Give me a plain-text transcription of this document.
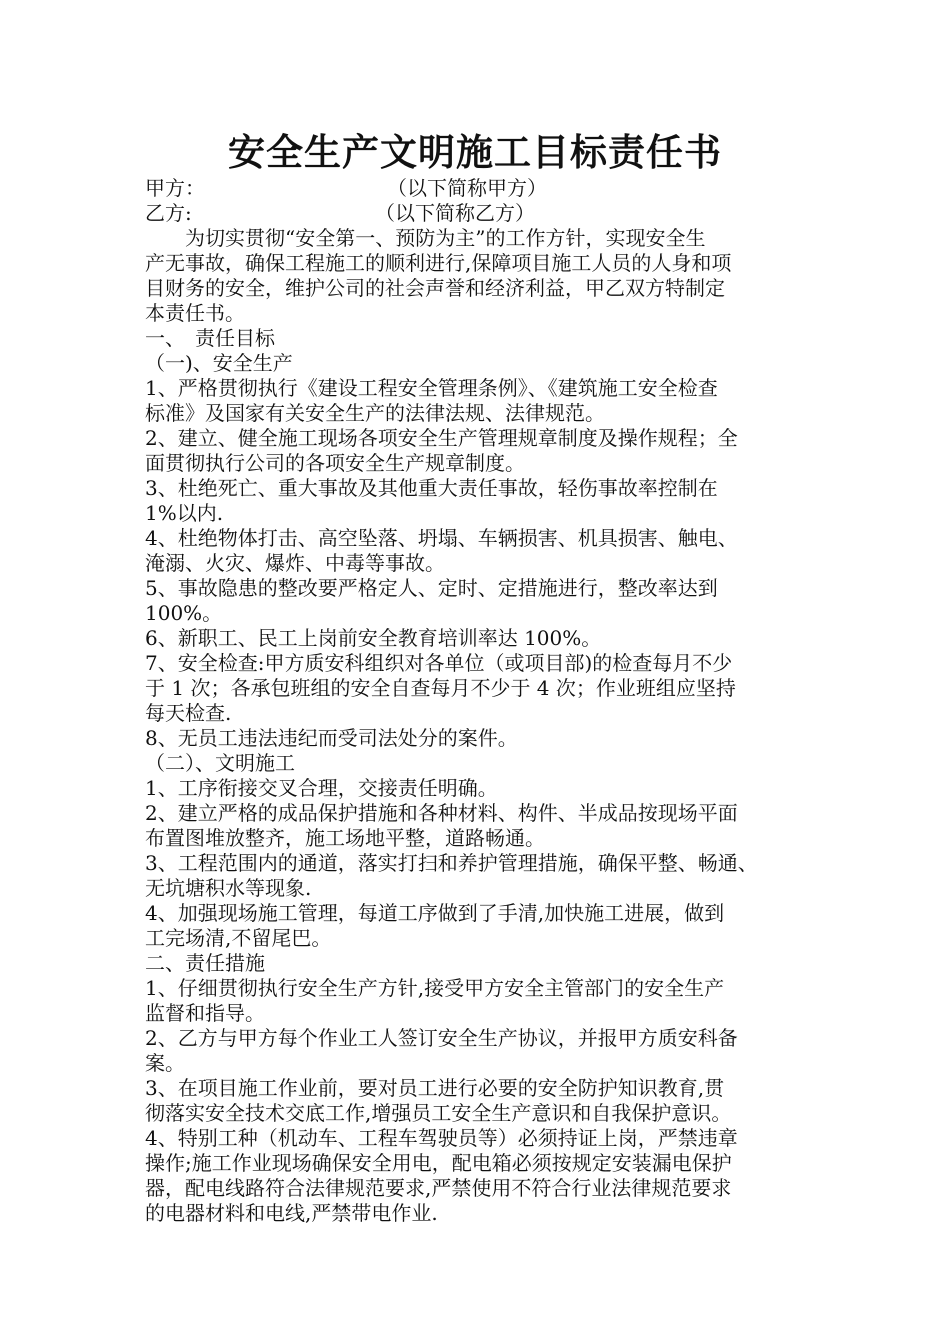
安全生产文明施工目标责任书
甲方：	（以下简称甲方）
乙方:	（以下简称乙方）
　　为切实贯彻“安全第一、预防为主”的工作方针，实现安全生
产无事故，确保工程施工的顺利进行,保障项目施工人员的人身和项
目财务的安全，维护公司的社会声誉和经济利益，甲乙双方特制定
本责任书。
一、　责任目标
（一)、安全生产
1、严格贯彻执行《建设工程安全管理条例》、《建筑施工安全检查
标准》及国家有关安全生产的法律法规、法律规范。
2、建立、健全施工现场各项安全生产管理规章制度及操作规程；全
面贯彻执行公司的各项安全生产规章制度。
3、杜绝死亡、重大事故及其他重大责任事故，轻伤事故率控制在
1%以内.
4、杜绝物体打击、高空坠落、坍塌、车辆损害、机具损害、触电、
淹溺、火灾、爆炸、中毒等事故。
5、事故隐患的整改要严格定人、定时、定措施进行，整改率达到
100%。
6、新职工、民工上岗前安全教育培训率达 100%。
7、安全检查:甲方质安科组织对各单位（或项目部)的检查每月不少
于 1 次；各承包班组的安全自查每月不少于 4 次；作业班组应坚持
每天检查.
8、无员工违法违纪而受司法处分的案件。
（二）、文明施工
1、工序衔接交叉合理，交接责任明确。
2、建立严格的成品保护措施和各种材料、构件、半成品按现场平面
布置图堆放整齐，施工场地平整，道路畅通。
3、工程范围内的通道，落实打扫和养护管理措施，确保平整、畅通、
无坑塘积水等现象.
4、加强现场施工管理，每道工序做到了手清,加快施工进展，做到
工完场清,不留尾巴。
二、责任措施
1、仔细贯彻执行安全生产方针,接受甲方安全主管部门的安全生产
监督和指导。
2、乙方与甲方每个作业工人签订安全生产协议，并报甲方质安科备
案。
3、在项目施工作业前，要对员工进行必要的安全防护知识教育,贯
彻落实安全技术交底工作,增强员工安全生产意识和自我保护意识。
4、特别工种（机动车、工程车驾驶员等）必须持证上岗，严禁违章
操作;施工作业现场确保安全用电，配电箱必须按规定安装漏电保护
器，配电线路符合法律规范要求,严禁使用不符合行业法律规范要求
的电器材料和电线,严禁带电作业.
